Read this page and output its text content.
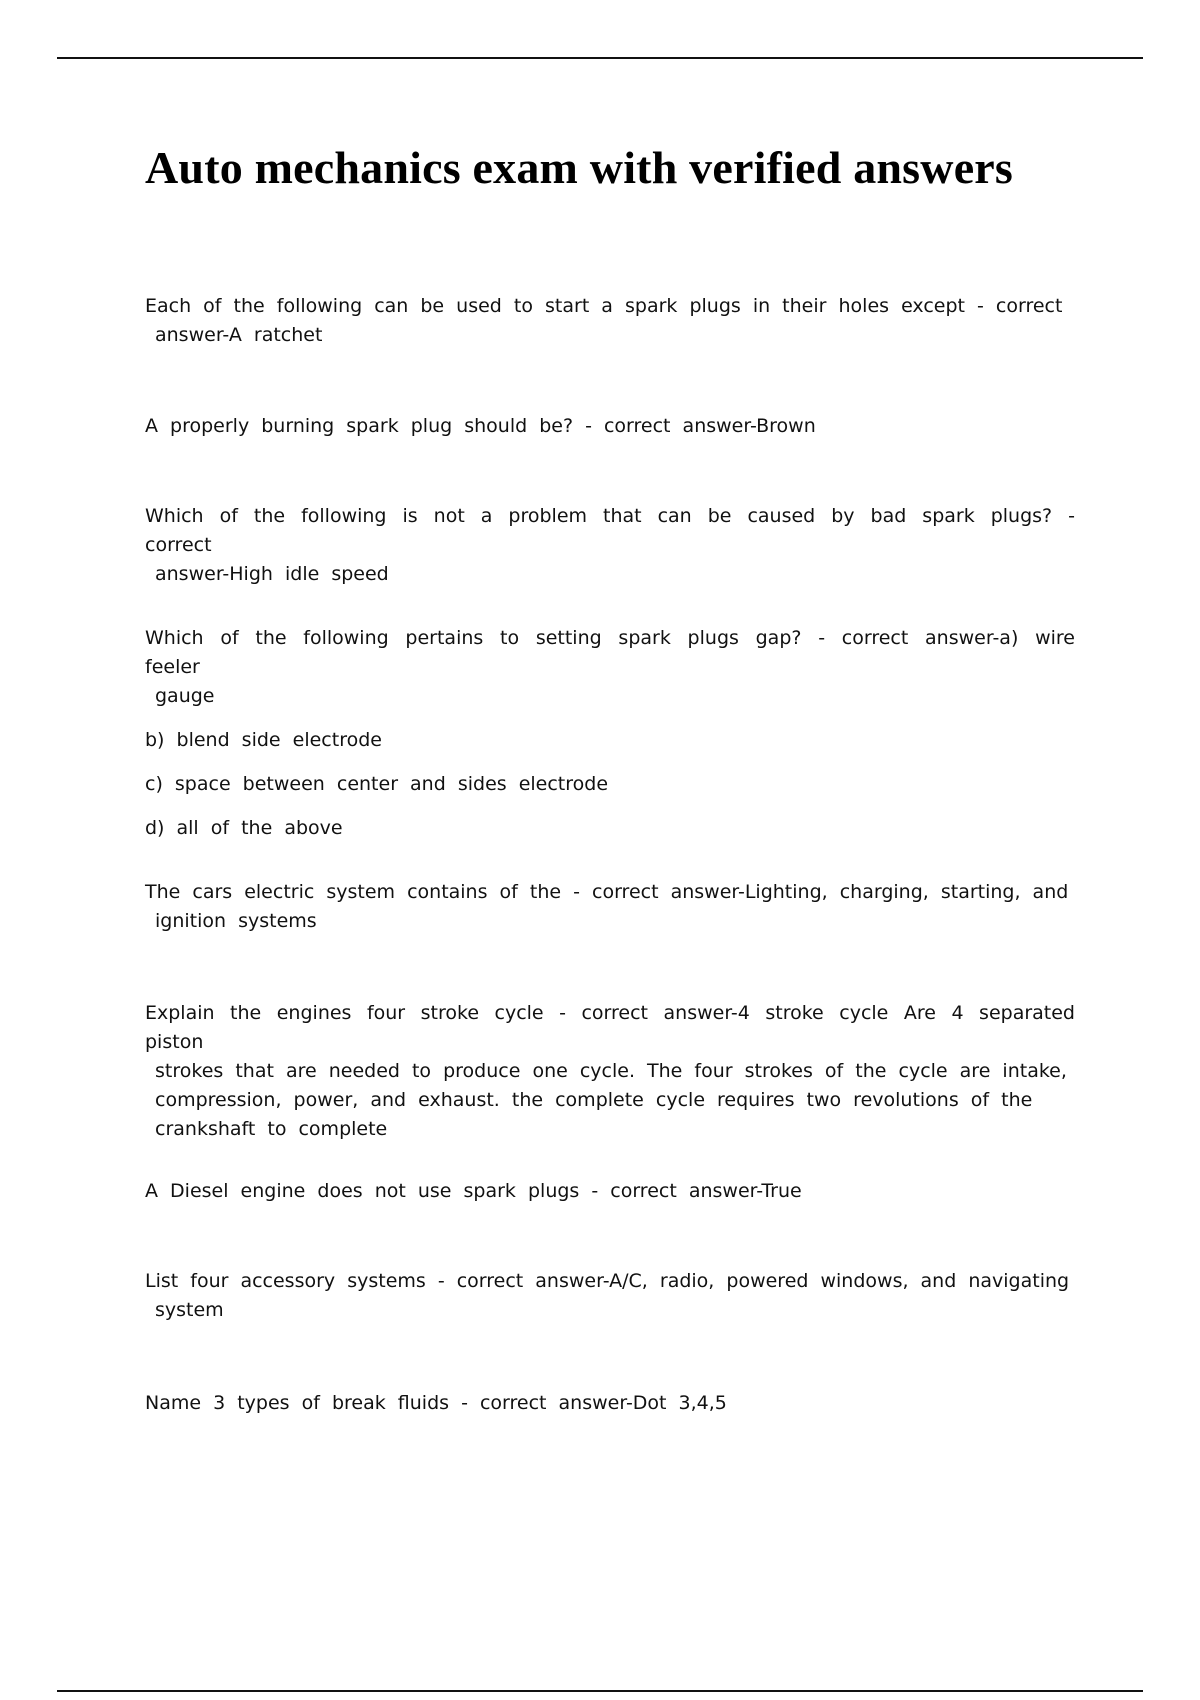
Auto mechanics exam with verified answers

Each of the following can be used to start a spark plugs in their holes except - correct
answer-A ratchet

A properly burning spark plug should be? - correct answer-Brown

Which of the following is not a problem that can be caused by bad spark plugs? - correct
answer-High idle speed

Which of the following pertains to setting spark plugs gap? - correct answer-a) wire feeler
gauge

b) blend side electrode
c) space between center and sides electrode
d) all of the above

The cars electric system contains of the - correct answer-Lighting, charging, starting, and
ignition systems

Explain the engines four stroke cycle - correct answer-4 stroke cycle Are 4 separated piston
strokes that are needed to produce one cycle. The four strokes of the cycle are intake,
compression, power, and exhaust. the complete cycle requires two revolutions of the
crankshaft to complete

A Diesel engine does not use spark plugs - correct answer-True

List four accessory systems - correct answer-A/C, radio, powered windows, and navigating
system

Name 3 types of break fluids - correct answer-Dot 3,4,5
